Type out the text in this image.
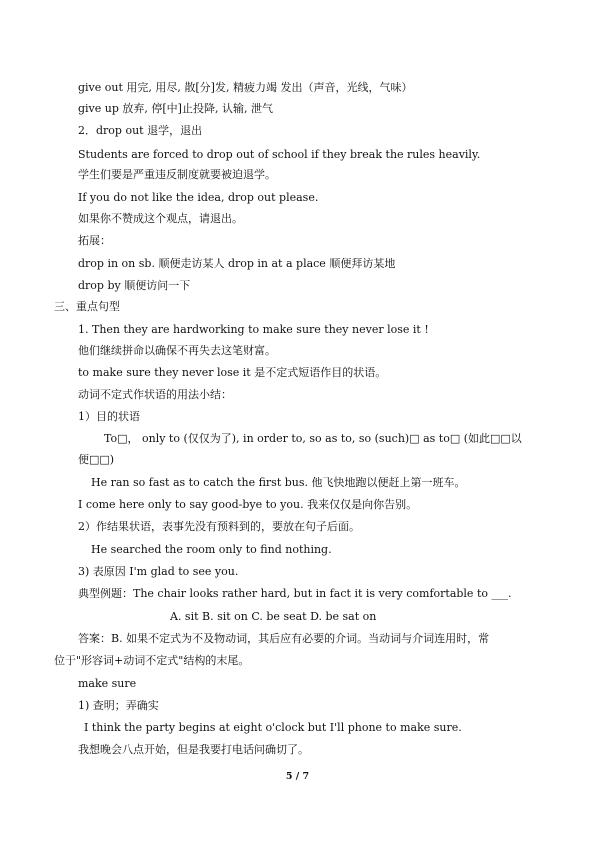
give out 用完, 用尽, 散[分]发, 精疲力竭 发出（声音，光线，气味）
give up 放弃, 停[中]止投降, 认输, 泄气
2．drop out 退学，退出
Students are forced to drop out of school if they break the rules heavily.
学生们要是严重违反制度就要被迫退学。
If you do not like the idea, drop out please.
如果你不赞成这个观点，请退出。
拓展：
drop in on sb. 顺便走访某人 drop in at a place 顺便拜访某地
drop by 顺便访问一下
三、重点句型
1. Then they are hardworking to make sure they never lose it !
他们继续拼命以确保不再失去这笔财富。
to make sure they never lose it 是不定式短语作目的状语。
动词不定式作状语的用法小结：
1）目的状语
To□， only to (仅仅为了), in order to, so as to, so (such)□ as to□ (如此□□以
便□□)
He ran so fast as to catch the first bus. 他飞快地跑以便赶上第一班车。
I come here only to say good-bye to you. 我来仅仅是向你告别。
2）作结果状语，表事先没有预料到的，要放在句子后面。
He searched the room only to find nothing.
3) 表原因 I'm glad to see you.
典型例题：The chair looks rather hard, but in fact it is very comfortable to ___.
A. sit B. sit on C. be seat D. be sat on
答案：B. 如果不定式为不及物动词，其后应有必要的介词。当动词与介词连用时，常
位于"形容词+动词不定式"结构的末尾。
make sure
1) 查明；弄确实
I think the party begins at eight o'clock but I'll phone to make sure.
我想晚会八点开始，但是我要打电话问确切了。
5 / 7
